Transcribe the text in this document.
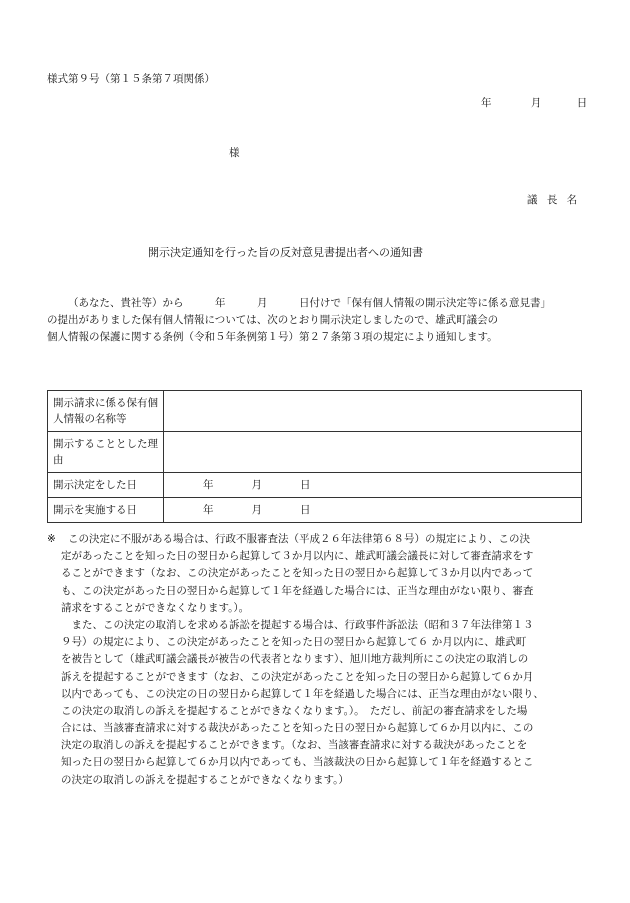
様式第９号（第１５条第７項関係）
年	月	日
様
議 長 名
開示決定通知を行った旨の反対意見書提出者への通知書
（あなた、貴社等）から　　　年　　　月　　　日付けで「保有個人情報の開示決定等に係る意見書」
の提出がありました保有個人情報については、次のとおり開示決定しましたので、雄武町議会の
個人情報の保護に関する条例（令和５年条例第１号）第２７条第３項の規定により通知します。
開示請求に係る保有個人情報の名称等	
開示することとした理由	
開示決定をした日	年 月 日
開示を実施する日	年 月 日
※	この決定に不服がある場合は、行政不服審査法（平成２６年法律第６８号）の規定により、この決
定があったことを知った日の翌日から起算して３か月以内に、雄武町議会議長に対して審査請求をす
ることができます（なお、この決定があったことを知った日の翌日から起算して３か月以内であって
も、この決定があった日の翌日から起算して１年を経過した場合には、正当な理由がない限り、審査
請求をすることができなくなります。）。
　また、この決定の取消しを求める訴訟を提起する場合は、行政事件訴訟法（昭和３７年法律第１３
９号）の規定により、この決定があったことを知った日の翌日から起算して６ か月以内に、雄武町
を被告として（雄武町議会議長が被告の代表者となります）、旭川地方裁判所にこの決定の取消しの
訴えを提起することができます（なお、この決定があったことを知った日の翌日から起算して６か月
以内であっても、この決定の日の翌日から起算して１年を経過した場合には、正当な理由がない限り、
この決定の取消しの訴えを提起することができなくなります。）。　ただし、前記の審査請求をした場
合には、当該審査請求に対する裁決があったことを知った日の翌日から起算して６か月以内に、この
決定の取消しの訴えを提起することができます。（なお、当該審査請求に対する裁決があったことを
知った日の翌日から起算して６か月以内であっても、当該裁決の日から起算して１年を経過するとこ
の決定の取消しの訴えを提起することができなくなります。）
